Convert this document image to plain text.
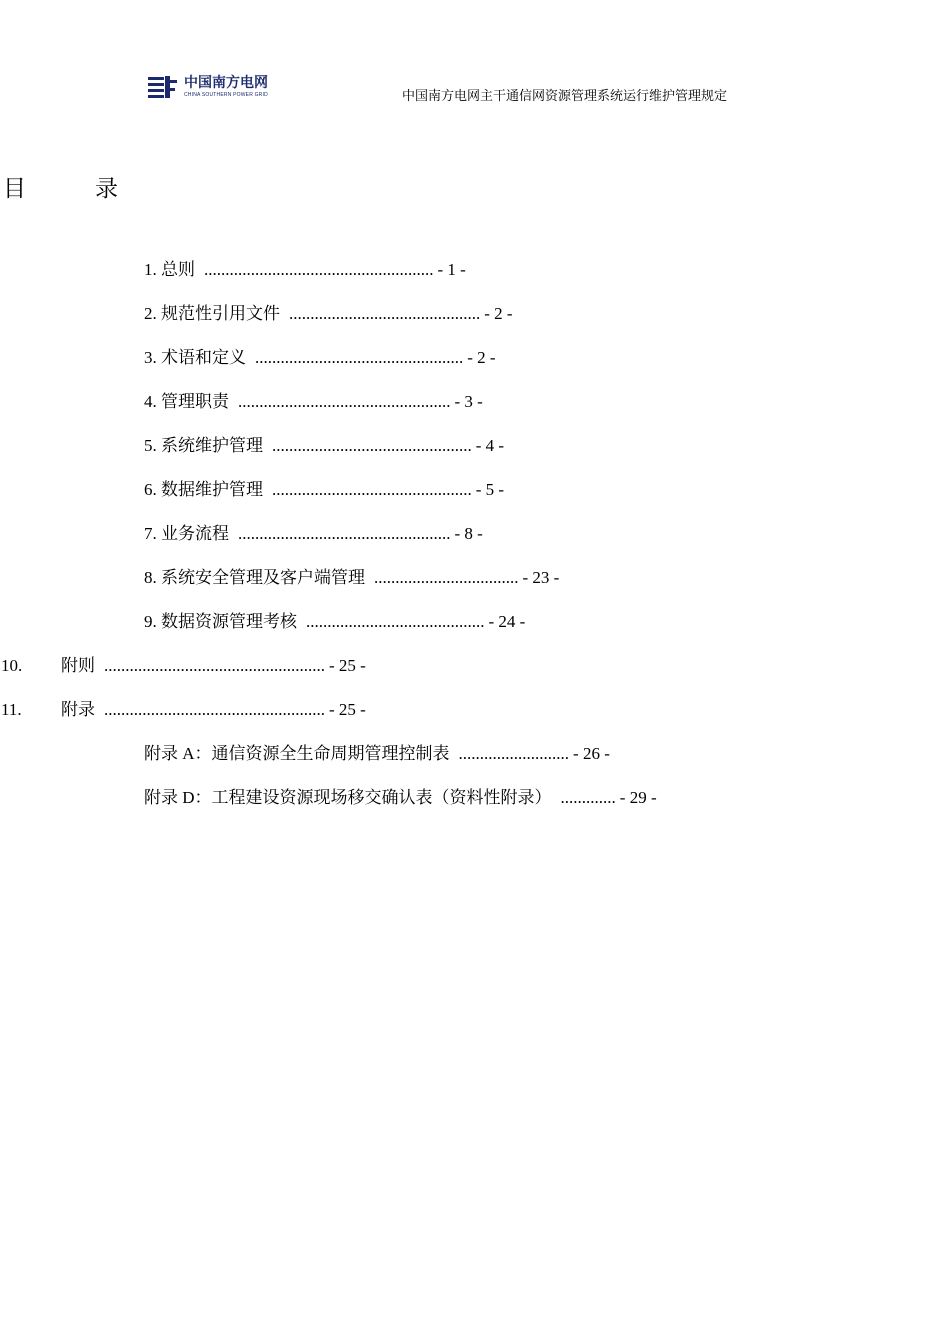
中国南方电网
CHINA SOUTHERN POWER GRID	中国南方电网主干通信网资源管理系统运行维护管理规定
目　　　录
1. 总则 ...................................................... - 1 -
2. 规范性引用文件 ............................................. - 2 -
3. 术语和定义 ................................................. - 2 -
4. 管理职责 .................................................. - 3 -
5. 系统维护管理 ............................................... - 4 -
6. 数据维护管理 ............................................... - 5 -
7. 业务流程 .................................................. - 8 -
8. 系统安全管理及客户端管理 .................................. - 23 -
9. 数据资源管理考核 .......................................... - 24 -
10. 附则 .................................................... - 25 -
11. 附录 .................................................... - 25 -
附录 A：通信资源全生命周期管理控制表 .......................... - 26 -
附录 D：工程建设资源现场移交确认表（资料性附录） ............. - 29 -
